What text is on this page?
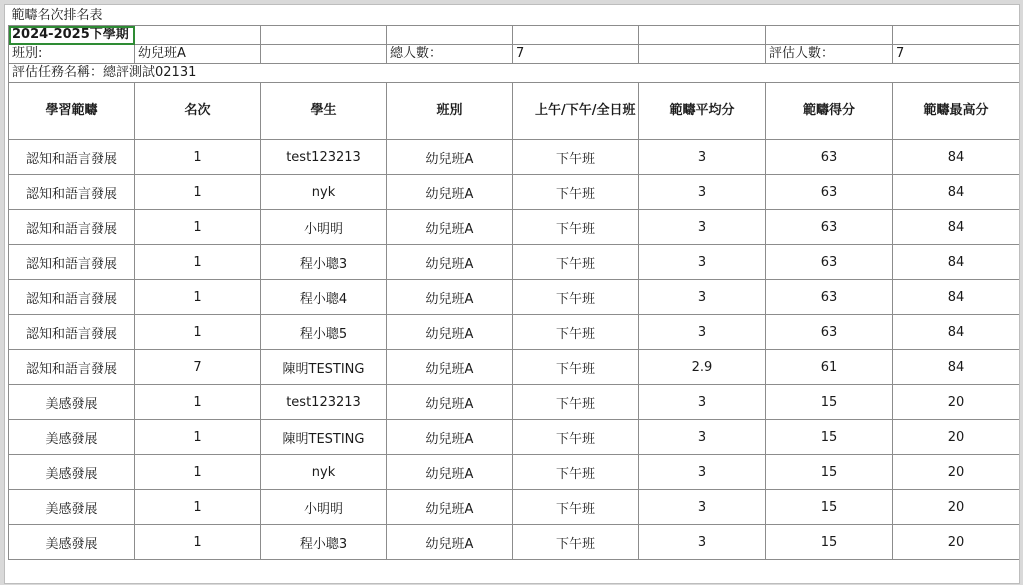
範疇名次排名表							
2024-2025下學期							
班別:	幼兒班A		總人數：	7		評估人數：	7
評估任務名稱：總評測試02131							
學習範疇	名次	學生	班別	上午/下午/全日班	範疇平均分	範疇得分	範疇最高分
認知和語言發展	1	test123213	幼兒班A	下午班	3	63	84
認知和語言發展	1	nyk	幼兒班A	下午班	3	63	84
認知和語言發展	1	小明明	幼兒班A	下午班	3	63	84
認知和語言發展	1	程小聰3	幼兒班A	下午班	3	63	84
認知和語言發展	1	程小聰4	幼兒班A	下午班	3	63	84
認知和語言發展	1	程小聰5	幼兒班A	下午班	3	63	84
認知和語言發展	7	陳明TESTING	幼兒班A	下午班	2.9	61	84
美感發展	1	test123213	幼兒班A	下午班	3	15	20
美感發展	1	陳明TESTING	幼兒班A	下午班	3	15	20
美感發展	1	nyk	幼兒班A	下午班	3	15	20
美感發展	1	小明明	幼兒班A	下午班	3	15	20
美感發展	1	程小聰3	幼兒班A	下午班	3	15	20
